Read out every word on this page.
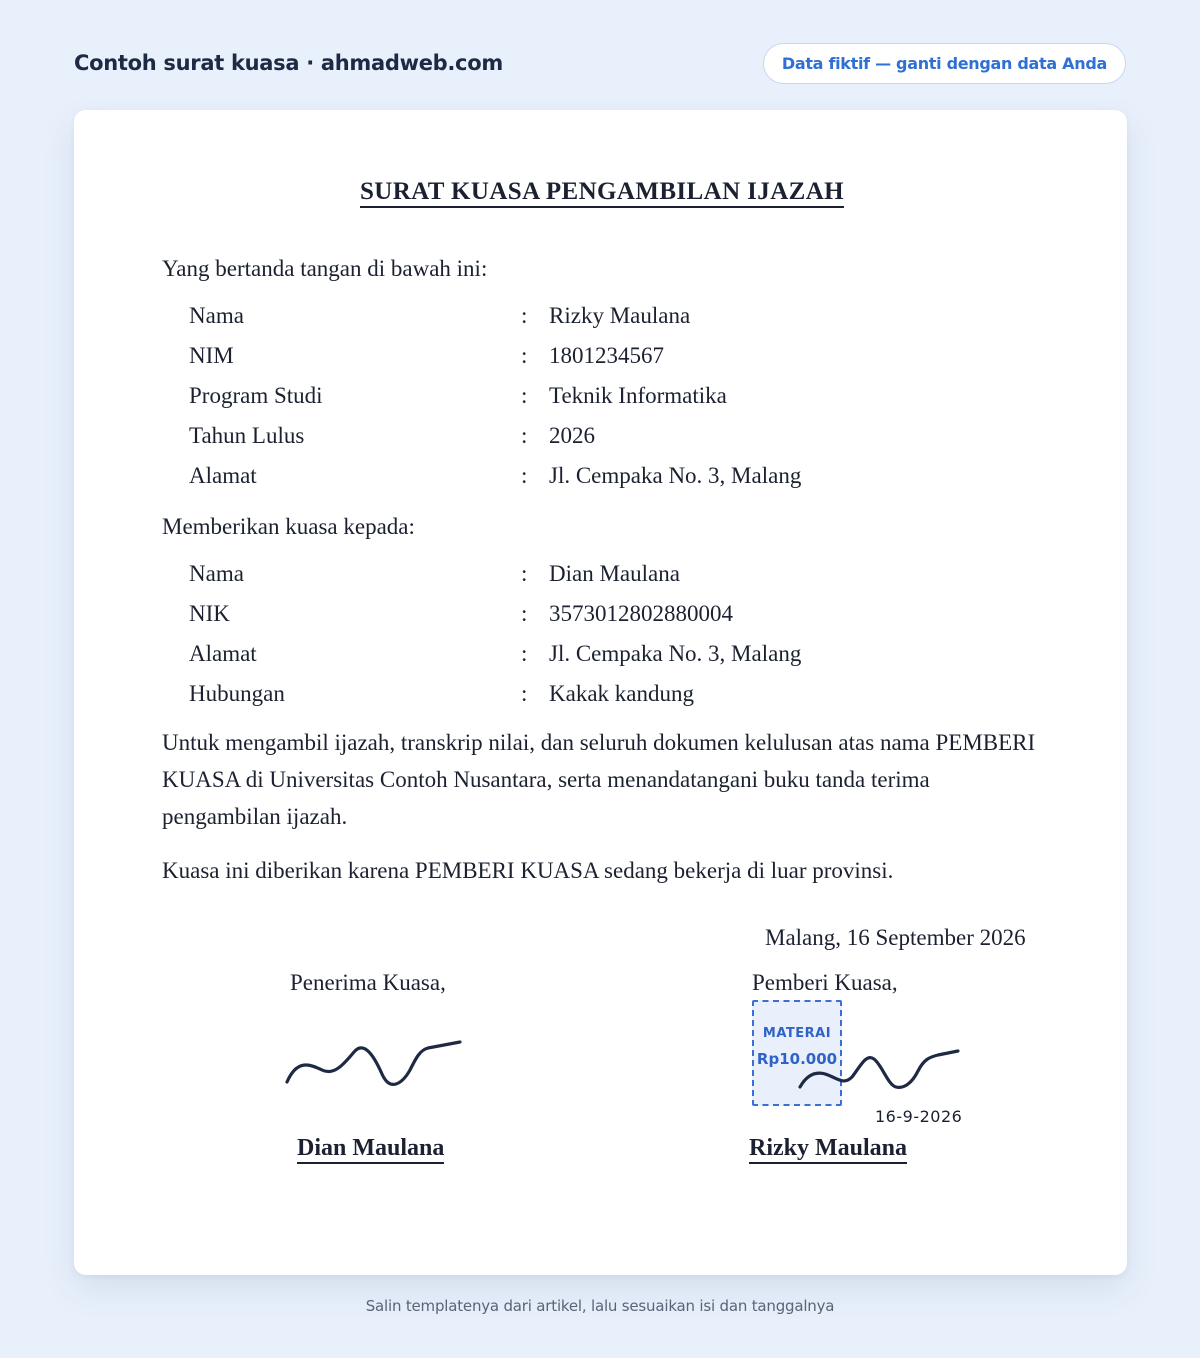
Contoh surat kuasa · ahmadweb.com	Data fiktif — ganti dengan data Anda
SURAT KUASA PENGAMBILAN IJAZAH

Yang bertanda tangan di bawah ini:

Nama	:	Rizky Maulana
NIM	:	1801234567
Program Studi	:	Teknik Informatika
Tahun Lulus	:	2026
Alamat	:	Jl. Cempaka No. 3, Malang

Memberikan kuasa kepada:

Nama	:	Dian Maulana
NIK	:	3573012802880004
Alamat	:	Jl. Cempaka No. 3, Malang
Hubungan	:	Kakak kandung

Untuk mengambil ijazah, transkrip nilai, dan seluruh dokumen kelulusan atas nama PEMBERI KUASA di Universitas Contoh Nusantara, serta menandatangani buku tanda terima pengambilan ijazah.

Kuasa ini diberikan karena PEMBERI KUASA sedang bekerja di luar provinsi.

Malang, 16 September 2026
Penerima Kuasa,	Pemberi Kuasa,
MATERAI
Rp10.000
16-9-2026
Dian Maulana	Rizky Maulana
Salin templatenya dari artikel, lalu sesuaikan isi dan tanggalnya
